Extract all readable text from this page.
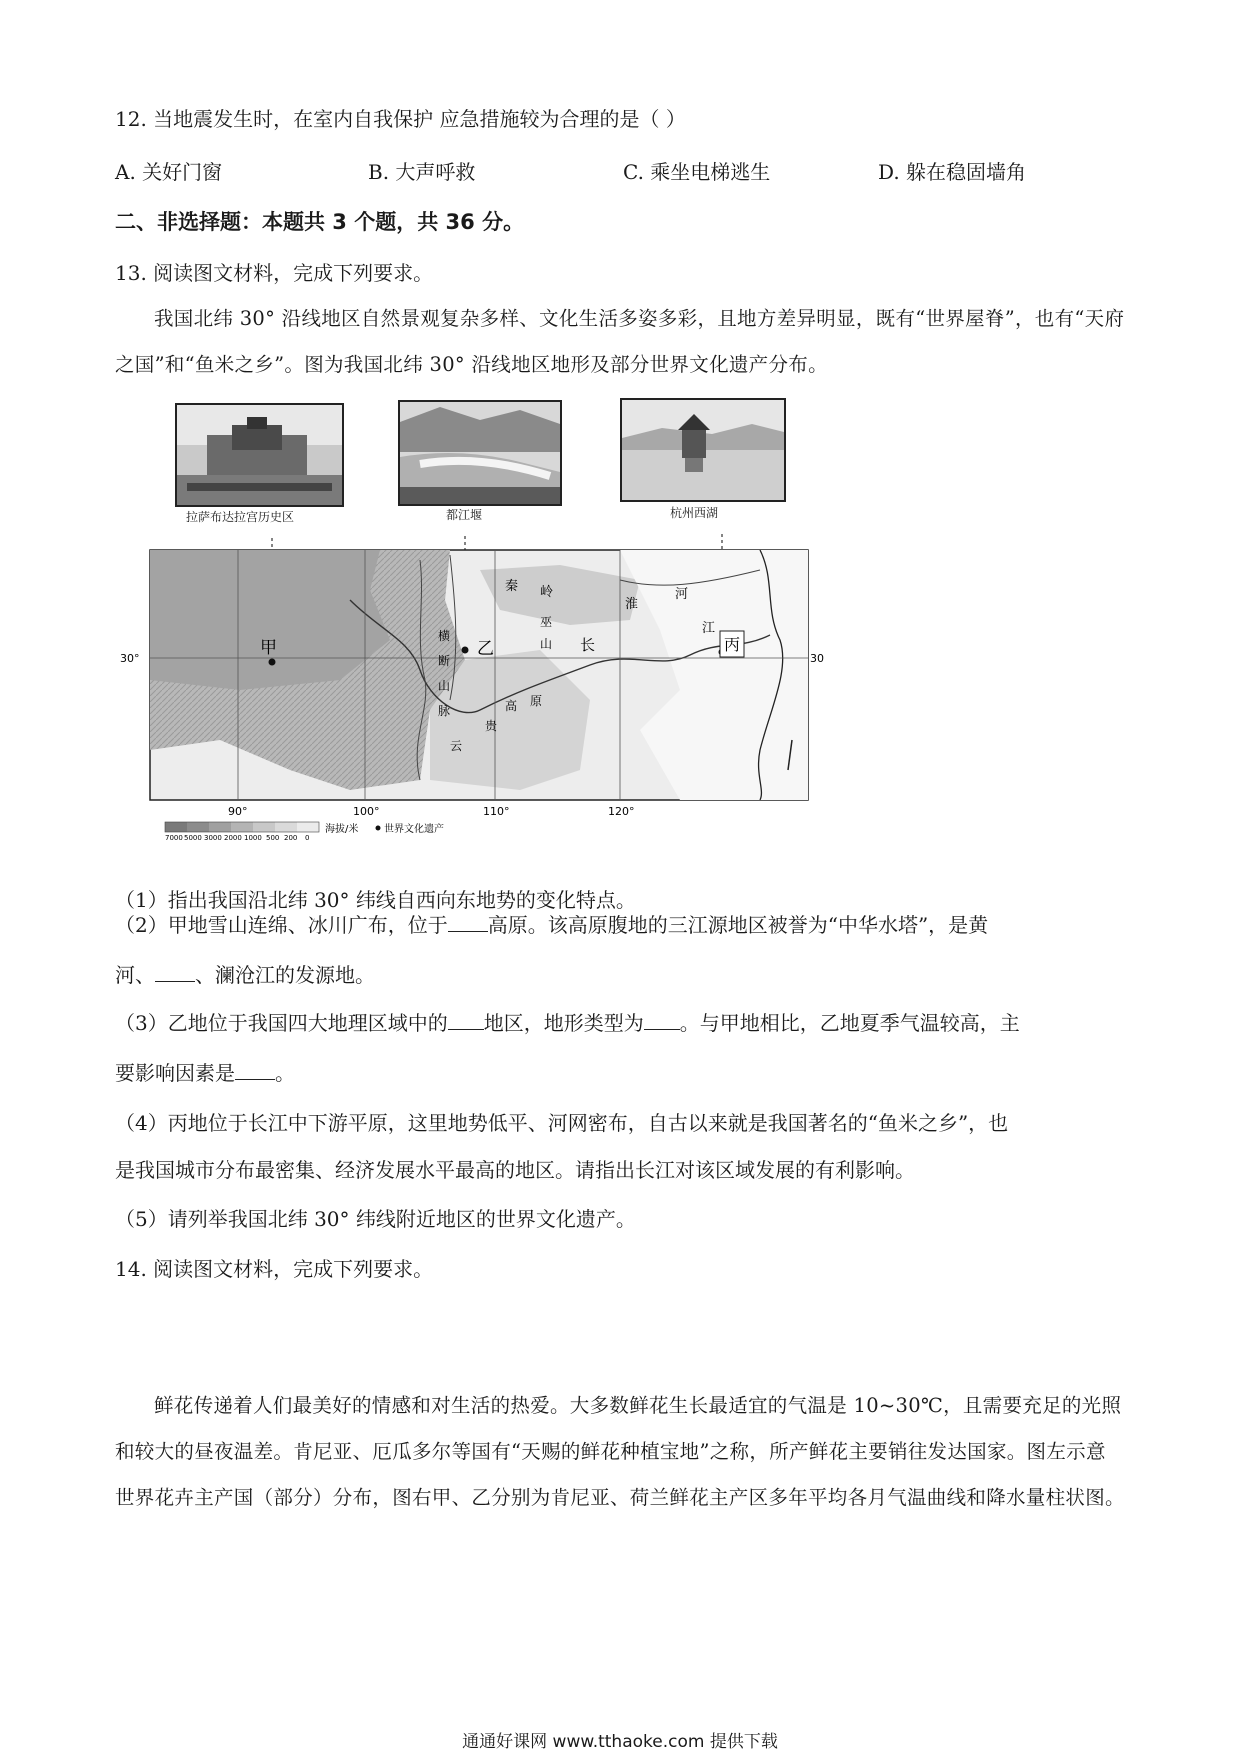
12. 当地震发生时，在室内自我保护 应急措施较为合理的是（ ）
A. 关好门窗	B. 大声呼救	C. 乘坐电梯逃生	D. 躲在稳固墙角
二、非选择题：本题共 3 个题，共 36 分。
13. 阅读图文材料，完成下列要求。

我国北纬 30° 沿线地区自然景观复杂多样、文化生活多姿多彩，且地方差异明显，既有“世界屋脊”，也有“天府之国”和“鱼米之乡”。图为我国北纬 30° 沿线地区地形及部分世界文化遗产分布。

拉萨布达拉宫历史区	都江堰	杭州西湖
甲	乙	丙
秦 岭
横
断
山
脉
巫
山 长
江
淮
河
高 原
贵
云
30°	30
90°	100°	110°	120°
7000 5000 3000 2000 1000 500 200 0
海拔/米	世界文化遗产
（1）指出我国沿北纬 30° 纬线自西向东地势的变化特点。
（2）甲地雪山连绵、冰川广布，位于 高原。该高原腹地的三江源地区被誉为“中华水塔”，是黄
河、 、澜沧江的发源地。
（3）乙地位于我国四大地理区域中的 地区，地形类型为 。与甲地相比，乙地夏季气温较高，主
要影响因素是 。
（4）丙地位于长江中下游平原，这里地势低平、河网密布，自古以来就是我国著名的“鱼米之乡”，也
是我国城市分布最密集、经济发展水平最高的地区。请指出长江对该区域发展的有利影响。
（5）请列举我国北纬 30° 纬线附近地区的世界文化遗产。
14. 阅读图文材料，完成下列要求。

鲜花传递着人们最美好的情感和对生活的热爱。大多数鲜花生长最适宜的气温是 10~30℃，且需要充足的光照和较大的昼夜温差。肯尼亚、厄瓜多尔等国有“天赐的鲜花种植宝地”之称，所产鲜花主要销往发达国家。图左示意世界花卉主产国（部分）分布，图右甲、乙分别为肯尼亚、荷兰鲜花主产区多年平均各月气温曲线和降水量柱状图。

通通好课网 www.tthaoke.com 提供下载
